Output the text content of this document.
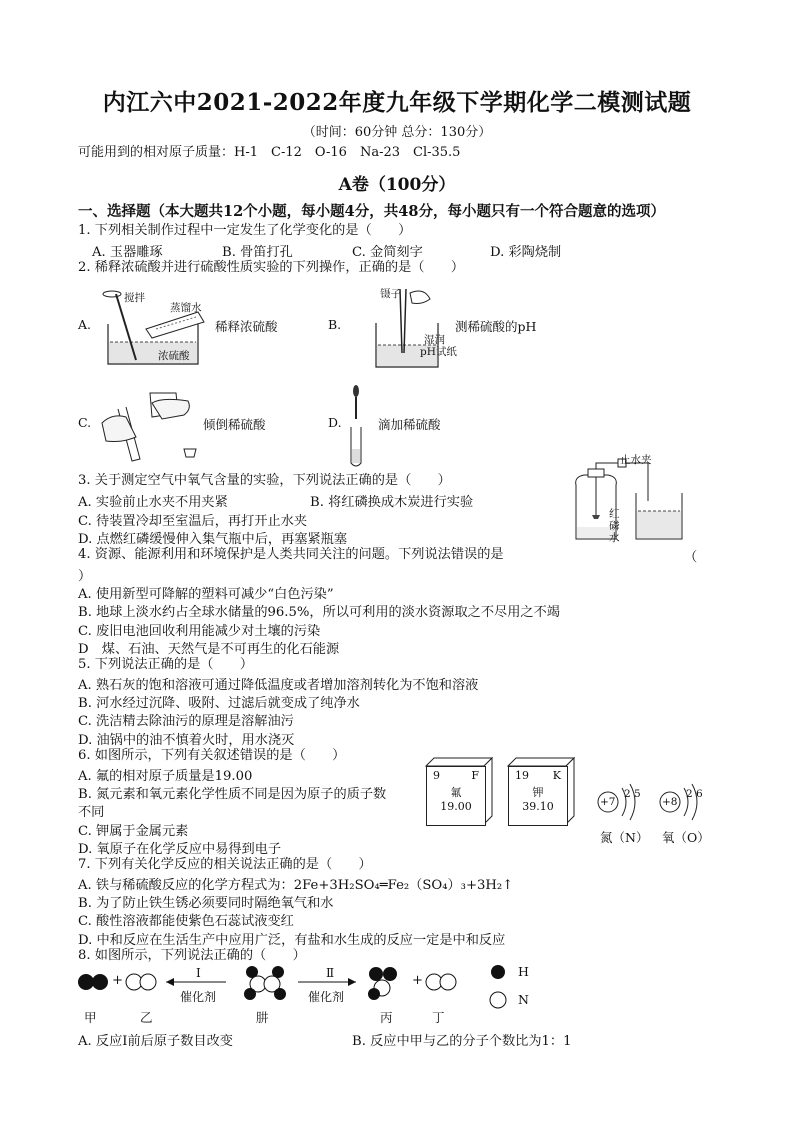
内江六中2021-2022年度九年级下学期化学二模测试题
（时间：60分钟 总分：130分）
可能用到的相对原子质量：H-1　C-12　O-16　Na-23　Cl-35.5
A卷（100分）
一、选择题（本大题共12个小题，每小题4分，共48分，每小题只有一个符合题意的选项）
1. 下列相关制作过程中一定发生了化学变化的是（　　）
A. 玉器雕琢	B. 骨笛打孔	C. 金简刻字	D. 彩陶烧制
2. 稀释浓硫酸并进行硫酸性质实验的下列操作，正确的是（　　）
A.
搅拌
蒸馏水
浓硫酸
稀释浓硫酸	B.
镊子
湿润
pH试纸
测稀硫酸的pH
C.	倾倒稀硫酸	D.	滴加稀硫酸
3. 关于测定空气中氧气含量的实验，下列说法正确的是（　　）
A. 实验前止水夹不用夹紧	B. 将红磷换成木炭进行实验
C. 待装置冷却至室温后，再打开止水夹
D. 点燃红磷缓慢伸入集气瓶中后，再塞紧瓶塞
止水夹
红
磷
水
4. 资源、能源利用和环境保护是人类共同关注的问题。下列说法错误的是	（
）
A. 使用新型可降解的塑料可减少“白色污染”
B. 地球上淡水约占全球水储量的96.5%，所以可利用的淡水资源取之不尽用之不竭
C. 废旧电池回收利用能减少对土壤的污染
D　煤、石油、天然气是不可再生的化石能源
5. 下列说法正确的是（　　）
A. 熟石灰的饱和溶液可通过降低温度或者增加溶剂转化为不饱和溶液
B. 河水经过沉降、吸附、过滤后就变成了纯净水
C. 洗洁精去除油污的原理是溶解油污
D. 油锅中的油不慎着火时，用水浇灭
6. 如图所示，下列有关叙述错误的是（　　）
A. 氟的相对原子质量是19.00
B. 氮元素和氧元素化学性质不同是因为原子的质子数
不同
C. 钾属于金属元素
D. 氧原子在化学反应中易得到电子
9	F
氟
19.00
19 K
钾
39.10	+7
2 5
+8
2 6
氮（N） 氧（O）
7. 下列有关化学反应的相关说法正确的是（　　）
A. 铁与稀硫酸反应的化学方程式为：2Fe+3H₂SO₄═Fe₂（SO₄）₃+3H₂↑
B. 为了防止铁生锈必须要同时隔绝氧气和水
C. 酸性溶液都能使紫色石蕊试液变红
D. 中和反应在生活生产中应用广泛，有盐和水生成的反应一定是中和反应
8. 如图所示，下列说法正确的（　　）
+	+
Ⅰ
催化剂
Ⅱ
催化剂
H
N
甲	乙	肼	丙	丁
A. 反应Ⅰ前后原子数目改变	B. 反应中甲与乙的分子个数比为1：1
